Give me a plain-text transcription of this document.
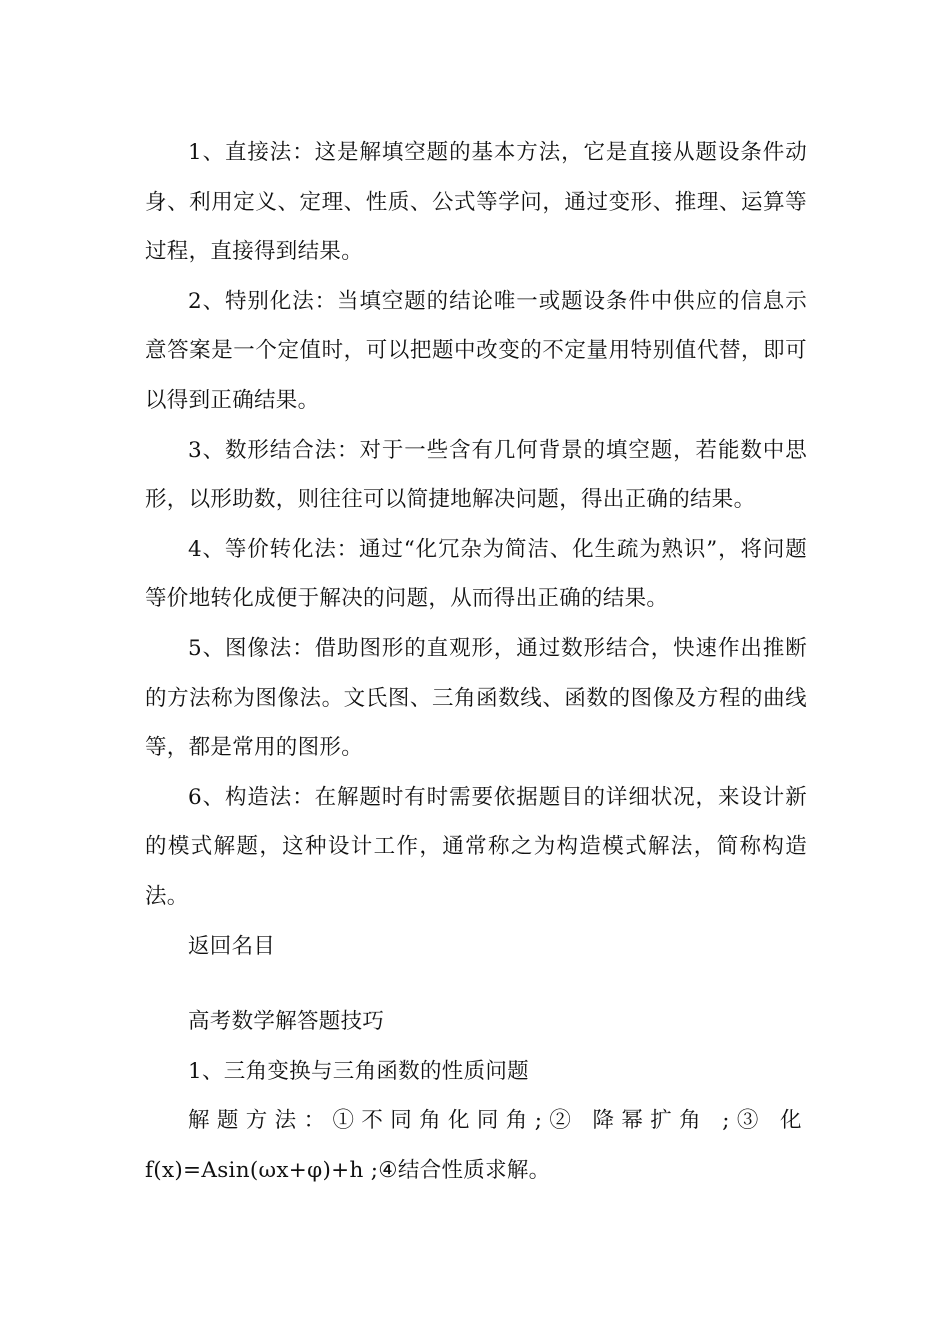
1、直接法：这是解填空题的基本方法，它是直接从题设条件动身、利用定义、定理、性质、公式等学问，通过变形、推理、运算等过程，直接得到结果。

2、特别化法：当填空题的结论唯一或题设条件中供应的信息示意答案是一个定值时，可以把题中改变的不定量用特别值代替，即可以得到正确结果。

3、数形结合法：对于一些含有几何背景的填空题，若能数中思形，以形助数，则往往可以简捷地解决问题，得出正确的结果。

4、等价转化法：通过“化冗杂为简洁、化生疏为熟识”，将问题等价地转化成便于解决的问题，从而得出正确的结果。

5、图像法：借助图形的直观形，通过数形结合，快速作出推断的方法称为图像法。文氏图、三角函数线、函数的图像及方程的曲线等，都是常用的图形。

6、构造法：在解题时有时需要依据题目的详细状况，来设计新的模式解题，这种设计工作，通常称之为构造模式解法，简称构造法。

返回名目

高考数学解答题技巧

1、三角变换与三角函数的性质问题

解题方法：①不同角化同角;② 降幂扩角 ;③ 化f(x)=Asin(ωx+φ)+h ;④结合性质求解。
